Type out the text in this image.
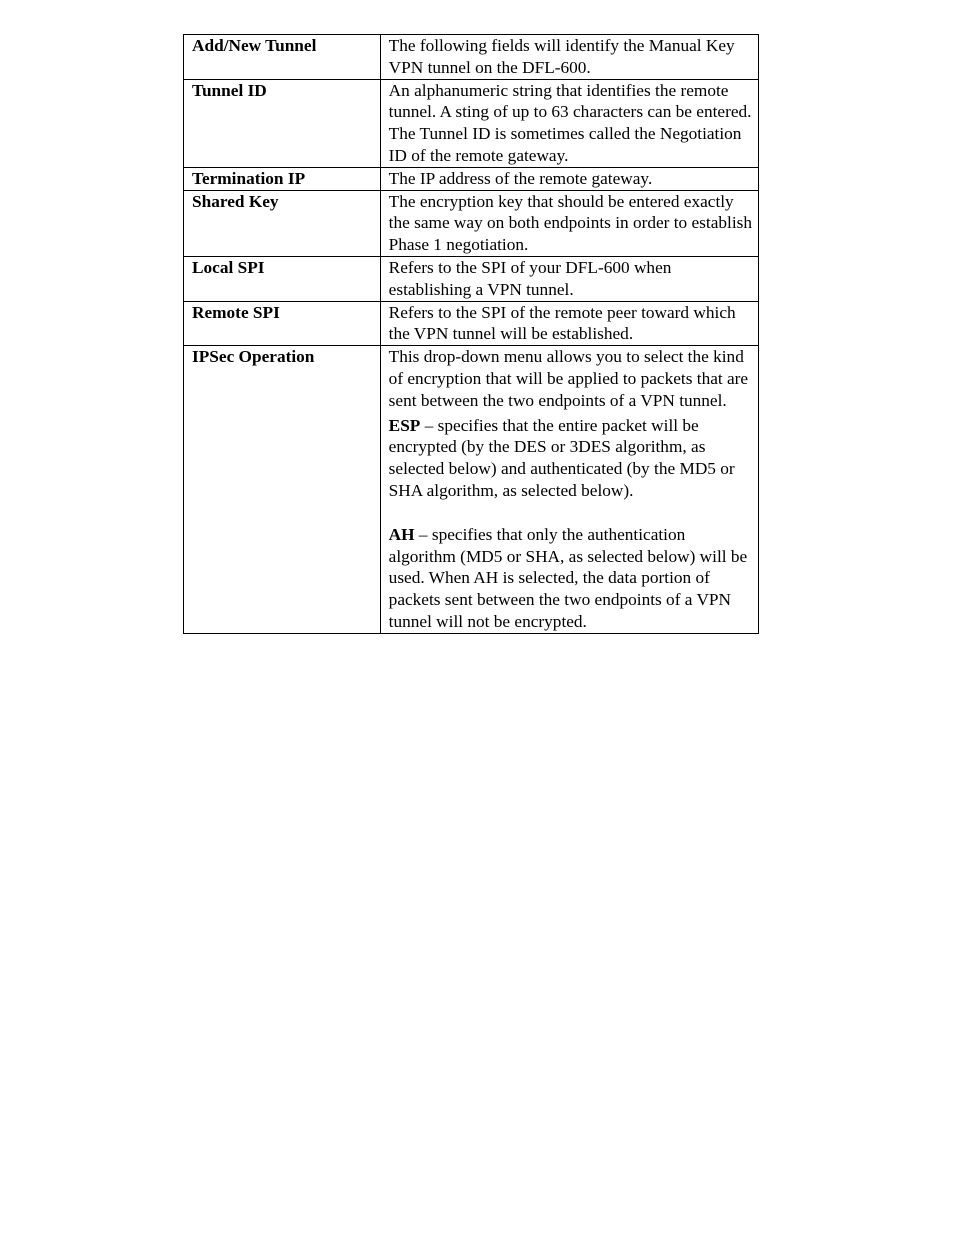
Add/New Tunnel	The following fields will identify the Manual Key VPN tunnel on the DFL-600.
Tunnel ID	An alphanumeric string that identifies the remote tunnel. A sting of up to 63 characters can be entered. The Tunnel ID is sometimes called the Negotiation ID of the remote gateway.
Termination IP	The IP address of the remote gateway.
Shared Key	The encryption key that should be entered exactly the same way on both endpoints in order to establish Phase 1 negotiation.
Local SPI	Refers to the SPI of your DFL-600 when establishing a VPN tunnel.
Remote SPI	Refers to the SPI of the remote peer toward which the VPN tunnel will be established.
IPSec Operation	This drop-down menu allows you to select the kind of encryption that will be applied to packets that are sent between the two endpoints of a VPN tunnel.
ESP – specifies that the entire packet will be encrypted (by the DES or 3DES algorithm, as selected below) and authenticated (by the MD5 or SHA algorithm, as selected below).
AH – specifies that only the authentication algorithm (MD5 or SHA, as selected below) will be used. When AH is selected, the data portion of packets sent between the two endpoints of a VPN tunnel will not be encrypted.
